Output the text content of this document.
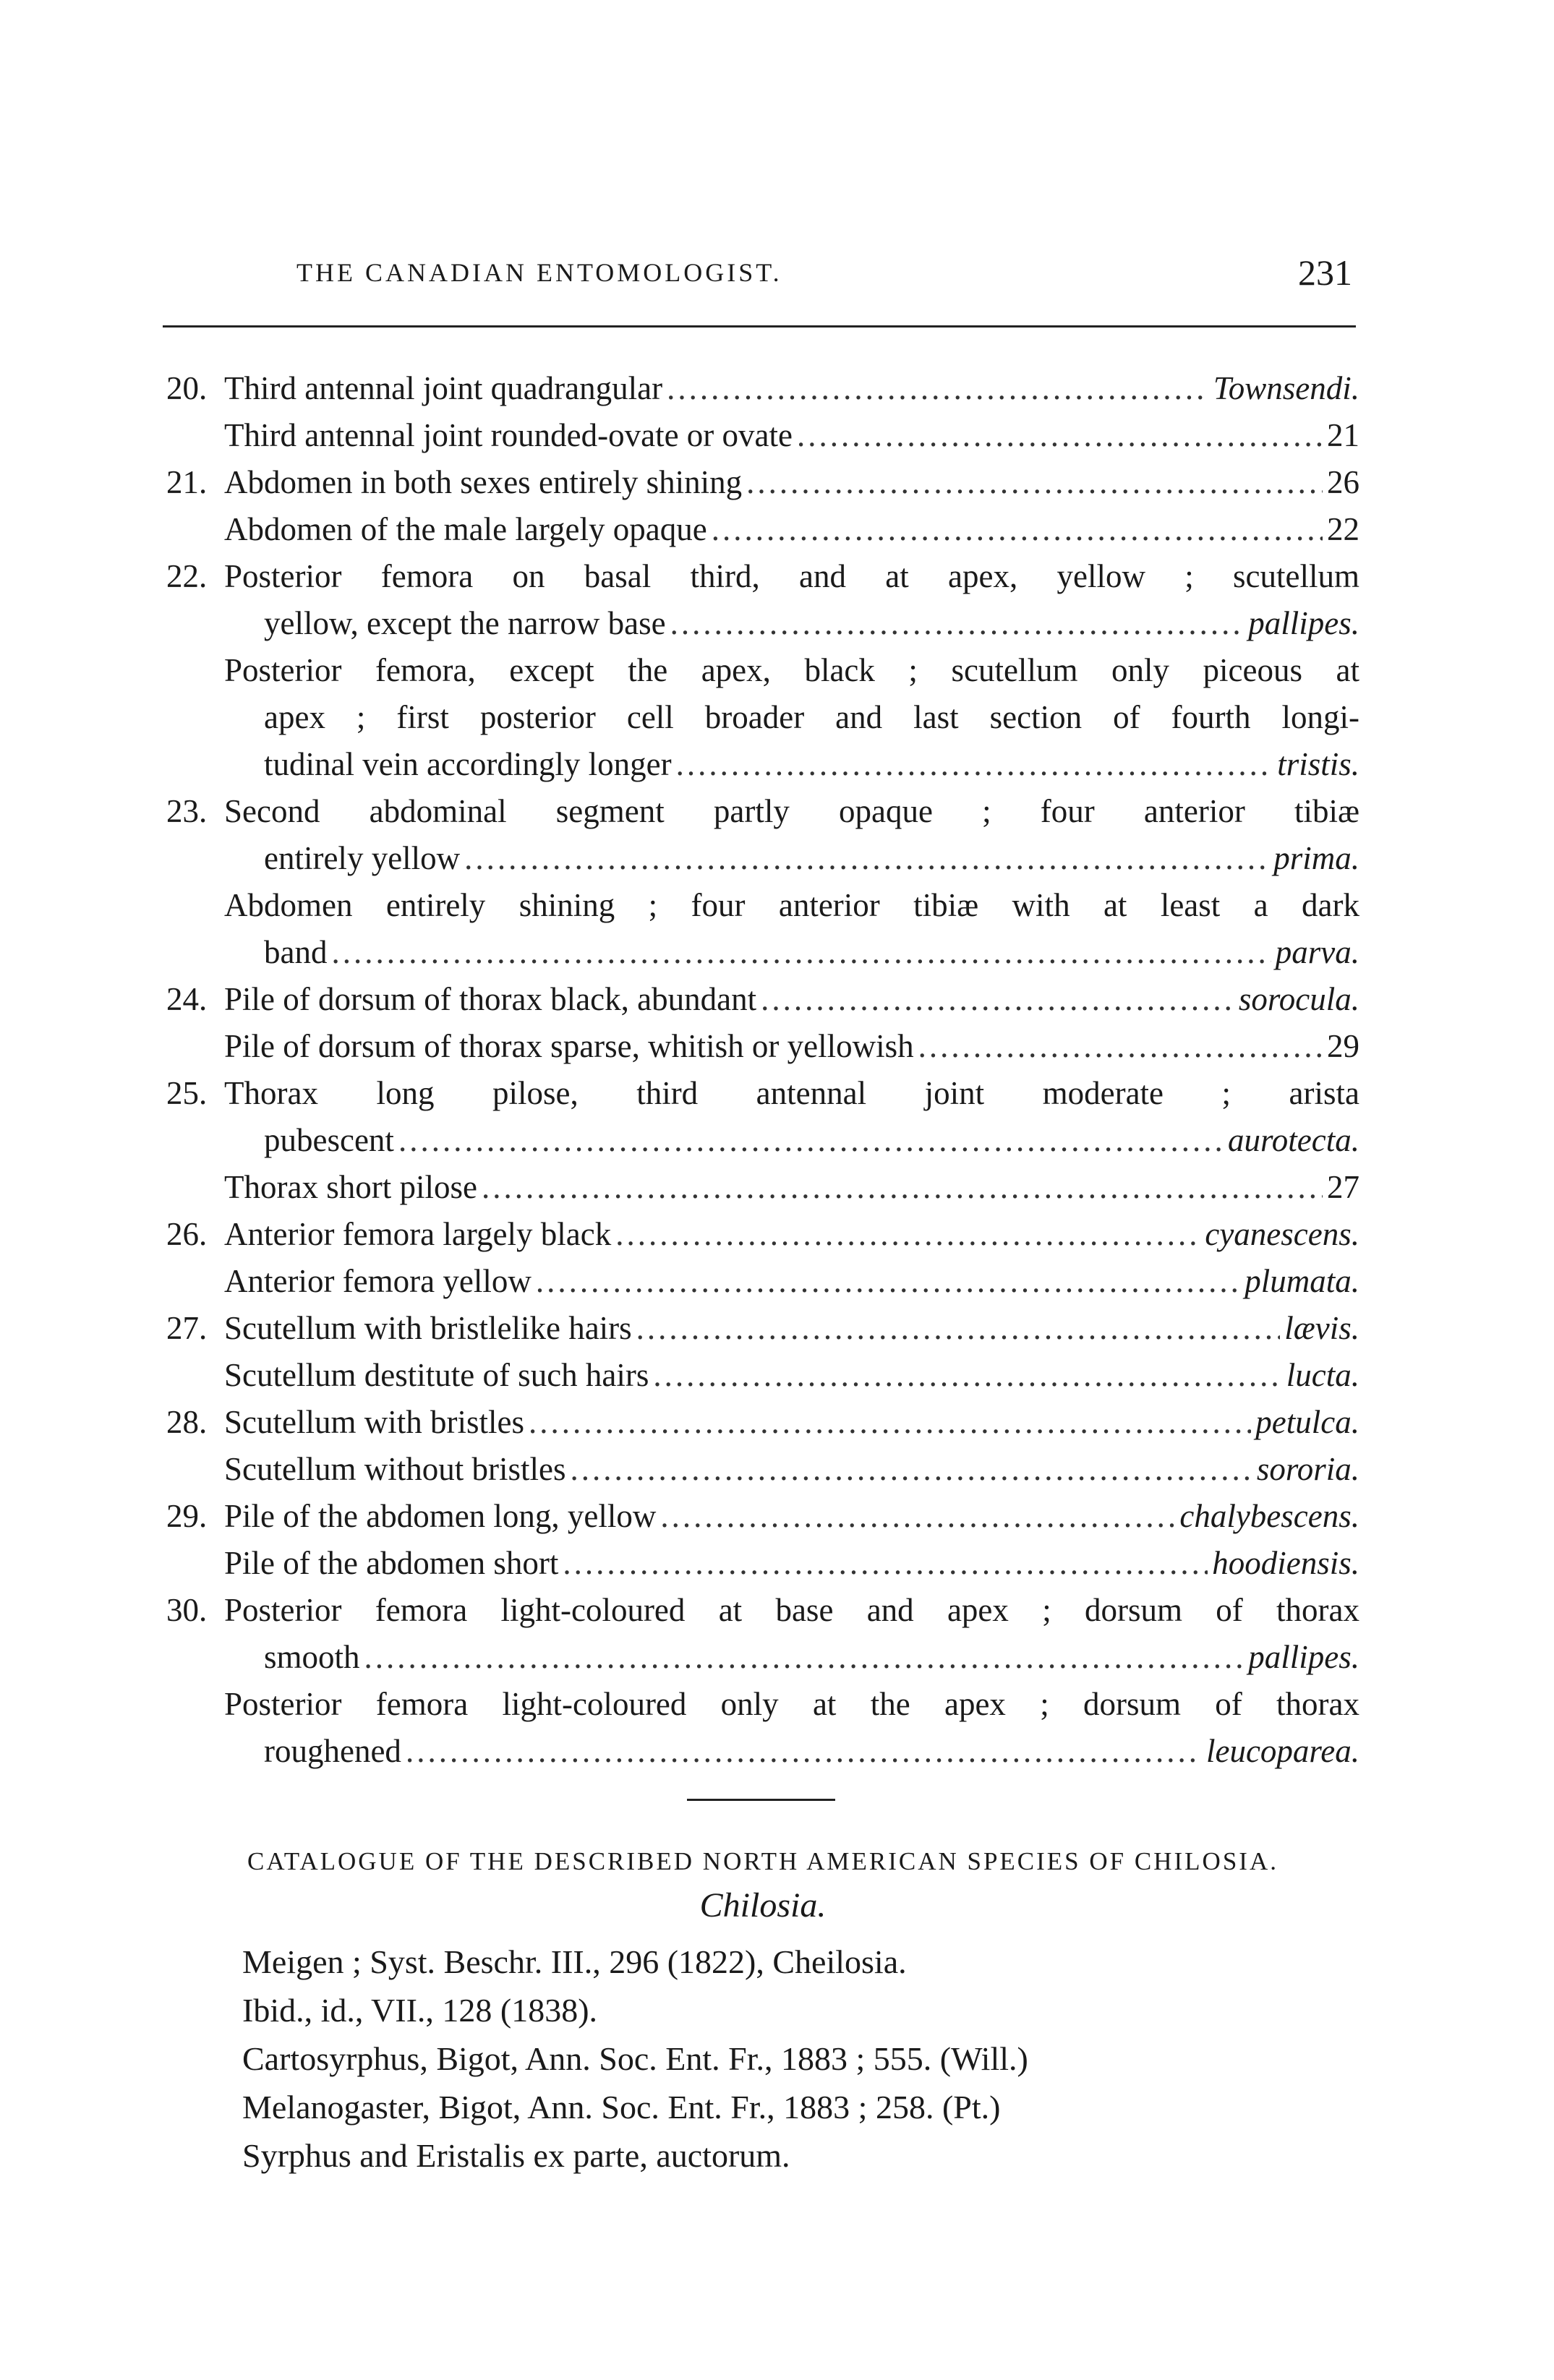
THE CANADIAN ENTOMOLOGIST.	231
20. Third antennal joint quadrangular .....	Townsendi.
Third antennal joint rounded-ovate or ovate .....	21
21. Abdomen in both sexes entirely shining .....	26
Abdomen of the male largely opaque .....	22
22. Posterior femora on basal third, and at apex, yellow ; scutellum
yellow, except the narrow base .....	pallipes.
Posterior femora, except the apex, black ; scutellum only piceous at
apex ; first posterior cell broader and last section of fourth longi-
tudinal vein accordingly longer .....	tristis.
23. Second abdominal segment partly opaque ; four anterior tibiæ
entirely yellow .....	prima.
Abdomen entirely shining ; four anterior tibiæ with at least a dark
band .....	parva.
24. Pile of dorsum of thorax black, abundant .....	sorocula.
Pile of dorsum of thorax sparse, whitish or yellowish .....	29
25. Thorax long pilose, third antennal joint moderate ; arista
pubescent .....	aurotecta.
Thorax short pilose .....	27
26. Anterior femora largely black .....	cyanescens.
Anterior femora yellow .....	plumata.
27. Scutellum with bristlelike hairs .....	lævis.
Scutellum destitute of such hairs .....	lucta.
28. Scutellum with bristles .....	petulca.
Scutellum without bristles .....	sororia.
29. Pile of the abdomen long, yellow .....	chalybescens.
Pile of the abdomen short .....	hoodiensis.
30. Posterior femora light-coloured at base and apex ; dorsum of thorax
smooth .....	pallipes.
Posterior femora light-coloured only at the apex ; dorsum of thorax
roughened .....	leucoparea.
CATALOGUE OF THE DESCRIBED NORTH AMERICAN SPECIES OF CHILOSIA.
Chilosia.
Meigen ; Syst. Beschr. III., 296 (1822), Cheilosia.
Ibid., id., VII., 128 (1838).
Cartosyrphus, Bigot, Ann. Soc. Ent. Fr., 1883 ; 555. (Will.)
Melanogaster, Bigot, Ann. Soc. Ent. Fr., 1883 ; 258. (Pt.)
Syrphus and Eristalis ex parte, auctorum.
